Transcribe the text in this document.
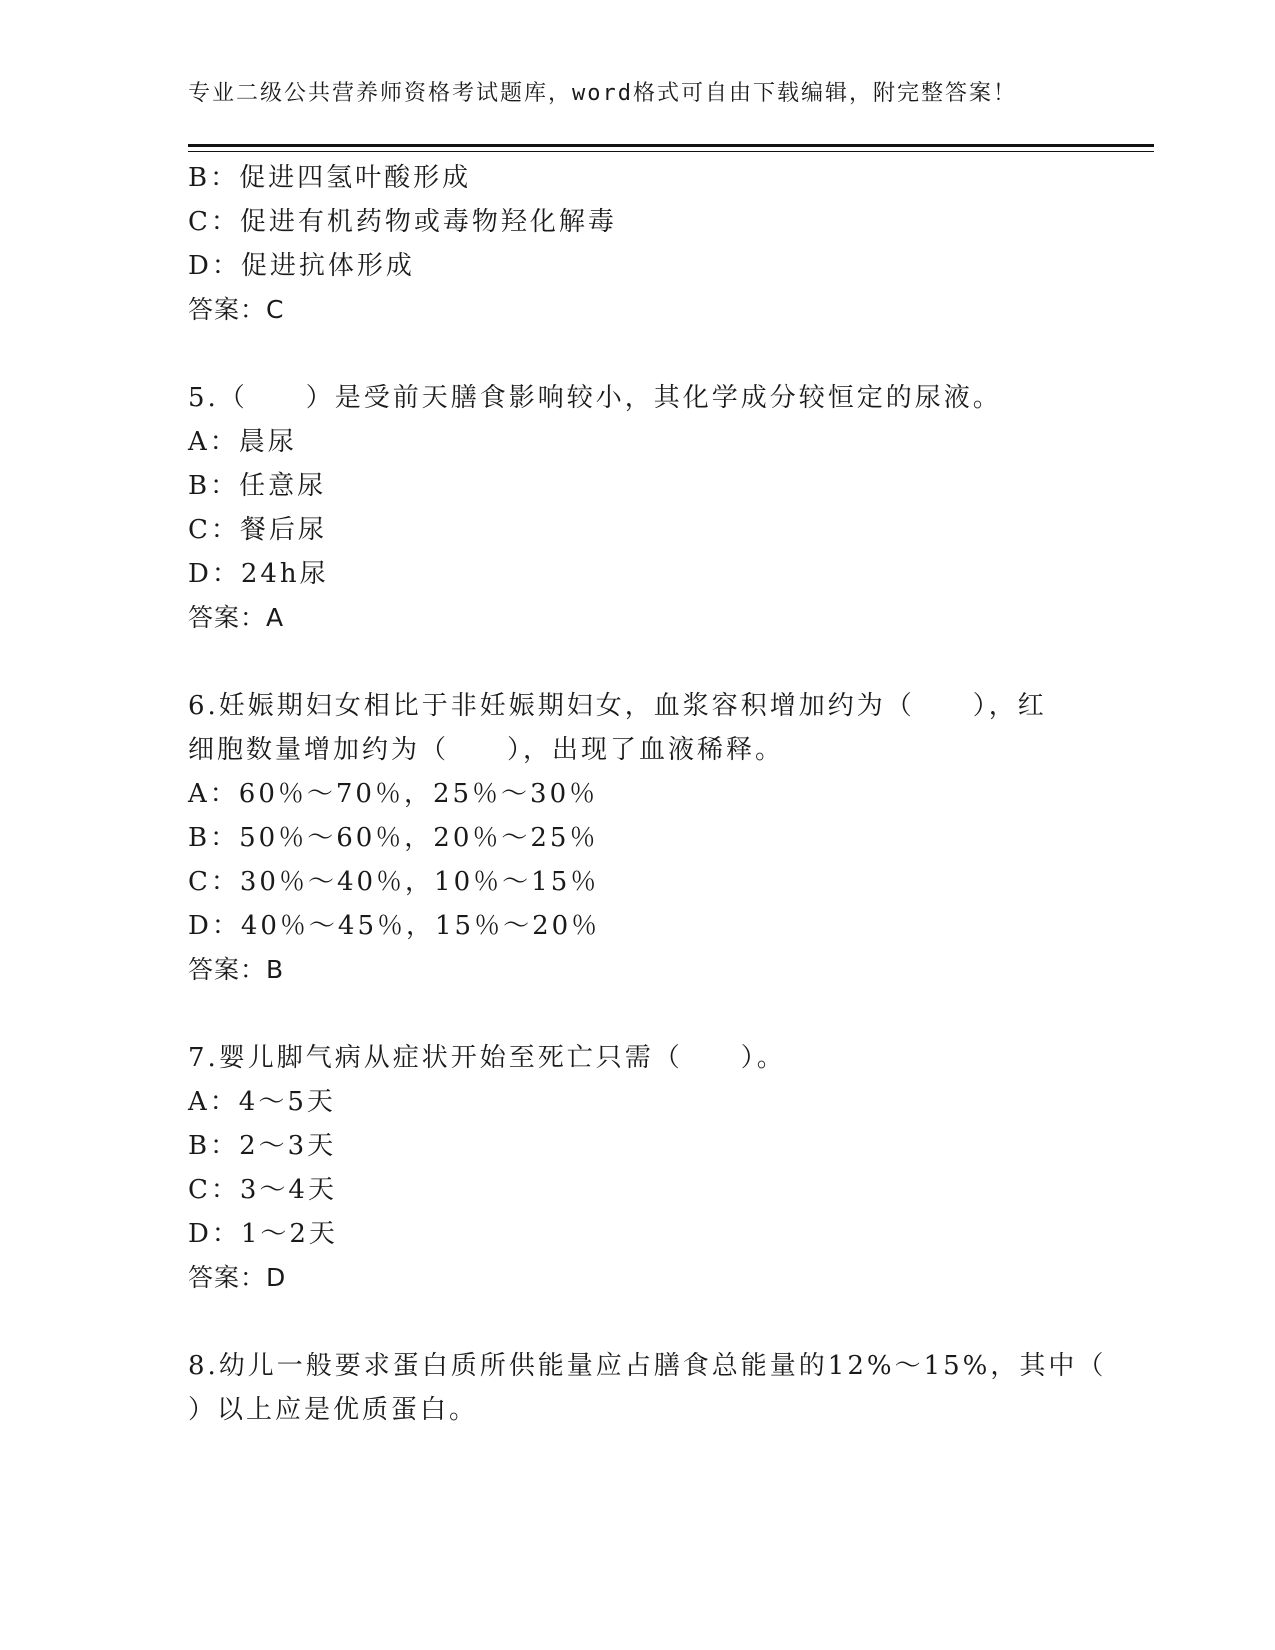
专业二级公共营养师资格考试题库，word格式可自由下载编辑，附完整答案！
B：促进四氢叶酸形成
C：促进有机药物或毒物羟化解毒
D：促进抗体形成
答案：C
5.（　　）是受前天膳食影响较小，其化学成分较恒定的尿液。
A：晨尿
B：任意尿
C：餐后尿
D：24h尿
答案：A
6.妊娠期妇女相比于非妊娠期妇女，血浆容积增加约为（　　），红
细胞数量增加约为（　　），出现了血液稀释。
A：60％～70％，25％～30％
B：50％～60％，20％～25％
C：30％～40％，10％～15％
D：40％～45％，15％～20％
答案：B
7.婴儿脚气病从症状开始至死亡只需（　　）。
A：4～5天
B：2～3天
C：3～4天
D：1～2天
答案：D
8.幼儿一般要求蛋白质所供能量应占膳食总能量的12%～15%，其中（
）以上应是优质蛋白。
